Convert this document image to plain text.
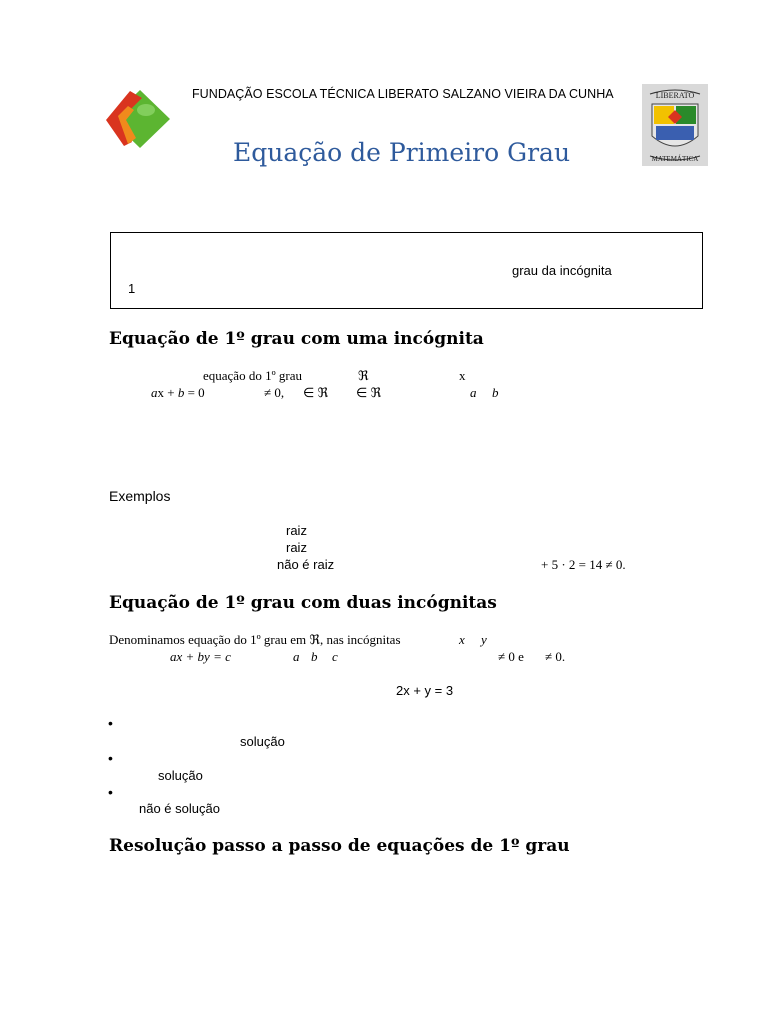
FUNDAÇÃO ESCOLA TÉCNICA LIBERATO SALZANO VIEIRA DA CUNHA	LIBERATO
MATEMÁTICA
Equação de Primeiro Grau
grau da incógnita
1
Equação de 1º grau com uma incógnita
equação do 1º grau	ℜ	x
ax + b = 0	≠ 0, ∈ ℜ ∈ ℜ	a b
Exemplos
raiz
raiz
não é raiz	+ 5 · 2 = 14 ≠ 0.
Equação de 1º grau com duas incógnitas
Denominamos equação do 1º grau em ℜ, nas incógnitas	x y
ax + by = c	a b c	≠ 0 e ≠ 0.
2x + y = 3
•
solução
•
solução
•
não é solução
Resolução passo a passo de equações de 1º grau
